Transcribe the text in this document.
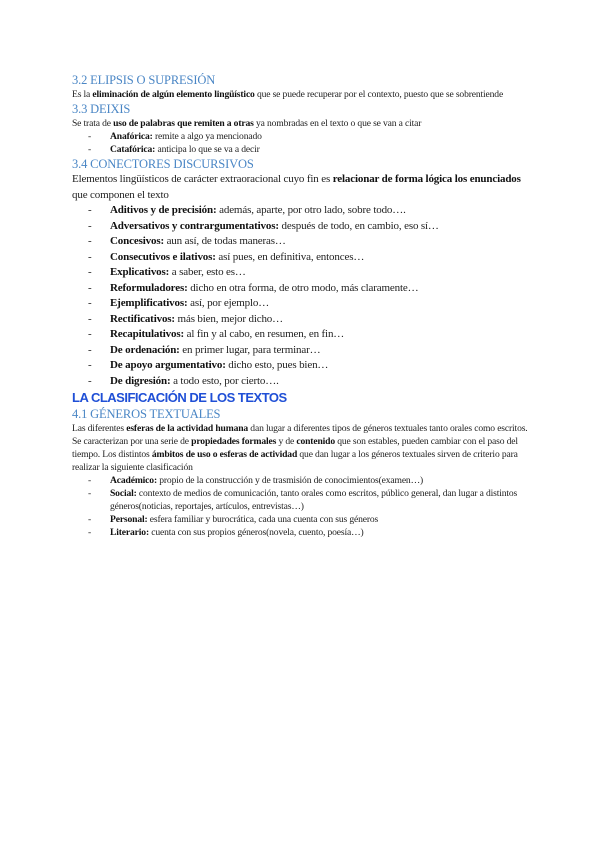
3.2 ELIPSIS O SUPRESIÓN

Es la eliminación de algún elemento lingüístico que se puede recuperar por el contexto, puesto que se sobrentiende

3.3 DEIXIS

Se trata de uso de palabras que remiten a otras ya nombradas en el texto o que se van a citar

-	Anafórica: remite a algo ya mencionado
-	Catafórica: anticipa lo que se va a decir
3.4 CONECTORES DISCURSIVOS

Elementos lingüísticos de carácter extraoracional cuyo fin es relacionar de forma lógica los enunciados que componen el texto

-	Aditivos y de precisión: además, aparte, por otro lado, sobre todo….
-	Adversativos y contrargumentativos: después de todo, en cambio, eso sí…
-	Concesivos: aun así, de todas maneras…
-	Consecutivos e ilativos: así pues, en definitiva, entonces…
-	Explicativos: a saber, esto es…
-	Reformuladores: dicho en otra forma, de otro modo, más claramente…
-	Ejemplificativos: así, por ejemplo…
-	Rectificativos: más bien, mejor dicho…
-	Recapitulativos: al fin y al cabo, en resumen, en fin…
-	De ordenación: en primer lugar, para terminar…
-	De apoyo argumentativo: dicho esto, pues bien…
-	De digresión: a todo esto, por cierto….
LA CLASIFICACIÓN DE LOS TEXTOS
4.1 GÉNEROS TEXTUALES

Las diferentes esferas de la actividad humana dan lugar a diferentes tipos de géneros textuales tanto orales como escritos. Se caracterizan por una serie de propiedades formales y de contenido que son estables, pueden cambiar con el paso del tiempo. Los distintos ámbitos de uso o esferas de actividad que dan lugar a los géneros textuales sirven de criterio para realizar la siguiente clasificación

-	Académico: propio de la construcción y de trasmisión de conocimientos(examen…)
-	Social: contexto de medios de comunicación, tanto orales como escritos, público general, dan lugar a distintos géneros(noticias, reportajes, artículos, entrevistas…)
-	Personal: esfera familiar y burocrática, cada una cuenta con sus géneros
-	Literario: cuenta con sus propios géneros(novela, cuento, poesía…)
